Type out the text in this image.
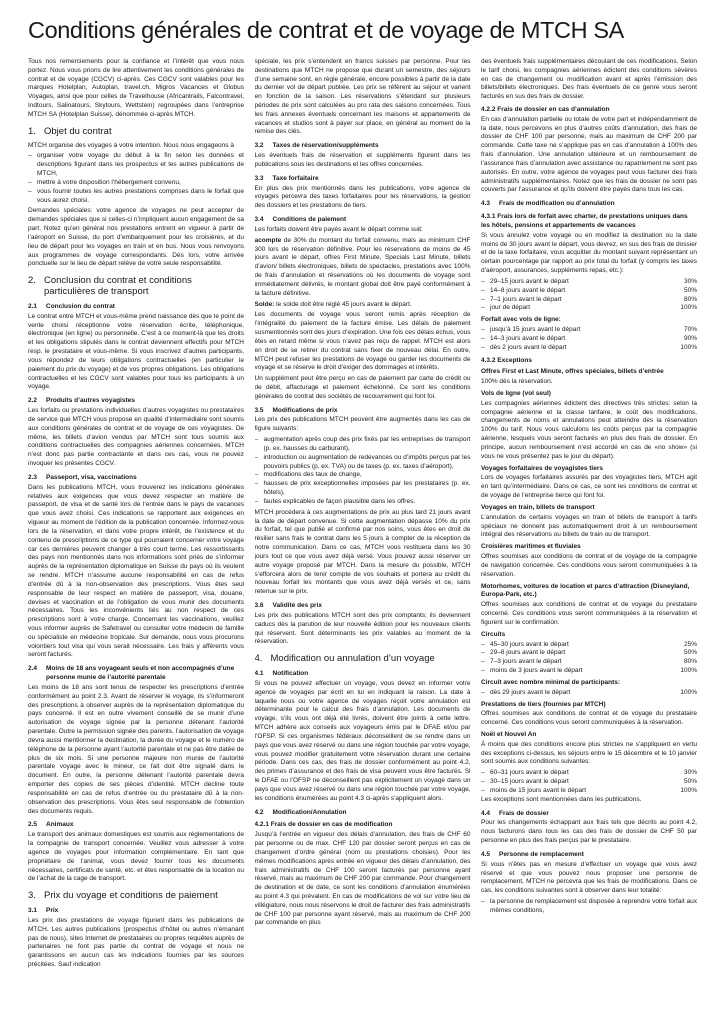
Conditions générales de contrat et de voyage de MTCH SA

Tous nos remerciements pour la confiance et l’intérêt que vous nous portez. Nous vous prions de lire attentivement les conditions générales de contrat et de voyage (CGCV) ci-après. Ces CGCV sont valables pour les marques Hotelplan, Autoplan, travel.ch, Migros Vacances et Globus Voyages, ainsi que pour celles de Travelhouse (Africantrails, Falcontravel, Indtours, Salinatours, Skytours, Wettstein) regroupées dans l’entreprise MTCH SA (Hotelplan Suisse), dénommée ci-après MTCH.

1. Objet du contrat

MTCH organise des voyages à votre intention. Nous nous engageons à

– organiser votre voyage du début à la fin selon les données et descriptions figurant dans les prospectus et les autres publications de MTCH,
– mettre à votre disposition l’hébergement convenu,
– vous fournir toutes les autres prestations comprises dans le forfait que vous aurez choisi.

Demandes spéciales: votre agence de voyages ne peut accepter de demandes spéciales que si celles-ci n’impliquent aucun engagement de sa part. Notez qu’en général nos prestations entrent en vigueur à partir de l’aéroport en Suisse, du port d’embarquement pour les croisières, et du lieu de départ pour les voyages en train et en bus. Nous vous renvoyons aux programmes de voyage correspondants. Dès lors, votre arrivée ponctuelle sur le lieu de départ relève de votre seule responsabilité.

2. Conclusion du contrat et conditions particulières de transport
2.1	Conclusion du contrat

Le contrat entre MTCH et vous-même prend naissance dès que le point de vente choisi réceptionne votre réservation écrite, téléphonique, électronique (en ligne) ou personnelle. C’est à ce moment-là que les droits et les obligations stipulés dans le contrat deviennent effectifs pour MTCH resp. le prestataire et vous-même. Si vous inscrivez d’autres participants, vous répondez de leurs obligations contractuelles (en particulier le paiement du prix du voyage) et de vos propres obligations. Les obligations contractuelles et les CGCV sont valables pour tous les participants à un voyage.

2.2	Produits d’autres voyagistes

Les forfaits ou prestations individuelles d’autres voyagistes ou prestataires de service que MTCH vous propose en qualité d’intermédiaire sont soumis aux conditions générales de contrat et de voyage de ces voyagistes. De même, les billets d’avion vendus par MTCH sont tous soumis aux conditions contractuelles des compagnies aériennes concernées. MTCH n’est donc pas partie contractante et dans ces cas, vous ne pouvez invoquer les présentes CGCV.

2.3	Passeport, visa, vaccinations

Dans les publications MTCH, vous trouverez les indications générales relatives aux exigences que vous devez respecter en matière de passeport, de visa et de santé lors de l’entrée dans le pays de vacances que vous avez choisi. Ces indications se rapportent aux exigences en vigueur au moment de l’édition de la publication concernée. Informez-vous lors de la réservation, et dans votre propre intérêt, de l’existence et du contenu de prescriptions de ce type qui pourraient concerner votre voyage car ces dernières peuvent changer à très court terme. Les ressortissants des pays non mentionnés dans nos informations sont priés de s’informer auprès de la représentation diplomatique en Suisse du pays où ils veulent se rendre. MTCH n’assume aucune responsabilité en cas de refus d’entrée dû à la non-observation des prescriptions. Vous êtes seul responsable de leur respect en matière de passeport, visa, douane, devises et vaccination et de l’obligation de vous munir des documents nécessaires. Tous les inconvénients liés au non respect de ces prescriptions sont à votre charge. Concernant les vaccinations, veuillez vous informer auprès de Safetravel ou consulter votre médecin de famille ou spécialiste en médecine tropicale. Sur demande, nous vous procurons volontiers tout visa qui vous serait nécessaire. Les frais y afférents vous seront facturés.

2.4	Moins de 18 ans voyageant seuls et non accompagnés d’une personne munie de l’autorité parentale

Les moins de 18 ans sont tenus de respecter les prescriptions d’entrée conformément au point 2.3. Avant de réserver le voyage, ils s’informeront des prescriptions à observer auprès de la représentation diplomatique du pays concerné. Il est en outre vivement conseillé de se munir d’une autorisation de voyage signée par la personne détenant l’autorité parentale. Outre la permission signée des parents, l’autorisation de voyage devra aussi mentionner la destination, la durée du voyage et le numéro de téléphone de la personne ayant l’autorité parentale et ne pas être datée de plus de six mois. Si une personne majeure non munie de l’autorité parentale voyage avec le mineur, ce fait doit être signalé dans le document. En outre, la personne détenant l’autorité parentale devra emporter des copies de ses pièces d’identité. MTCH décline toute responsabilité en cas de refus d’entrée ou du prestataire dû à la non-observation des prescriptions. Vous êtes seul responsable de l’obtention des documents requis.

2.5	Animaux

Le transport des animaux domestiques est soumis aux réglementations de la compagnie de transport concernée. Veuillez vous adresser à votre agence de voyages pour information complémentaire. En tant que propriétaire de l’animal, vous devez fournir tous les documents nécessaires, certificats de santé, etc. et êtes responsable de la location ou de l’achat de la cage de transport.

3. Prix du voyage et conditions de paiement
3.1	Prix

Les prix des prestations de voyage figurent dans les publications de MTCH. Les autres publications (prospectus d’hôtel ou autres n’émanant pas de nous), sites Internet de prestataires ou propres requêtes auprès de partenaires ne font pas partie du contrat de voyage et nous ne garantissons en aucun cas les indications fournies par les sources précitées. Sauf indication

spéciale, les prix s’entendent en francs suisses par personne. Pour les destinations que MTCH ne propose que durant un semestre, des séjours d’une semaine sont, en règle générale, encore possibles à partir de la date du dernier vol de départ publiée. Les prix se réfèrent au séjour et varient en fonction de la saison. Les réservations s’étendant sur plusieurs périodes de prix sont calculées au pro rata des saisons concernées. Tous les frais annexes éventuels concernant les maisons et appartements de vacances et studios sont à payer sur place, en général au moment de la remise des clés.

3.2	Taxes de réservation/suppléments

Les éventuels frais de réservation et suppléments figurent dans les publications sous les destinations et les offres concernées.

3.3	Taxe forfaitaire

En plus des prix mentionnés dans les publications, votre agence de voyages percevra des taxes forfaitaires pour les réservations, la gestion des dossiers et les prestations de tiers.

3.4	Conditions de paiement

Les forfaits doivent être payés avant le départ comme suit:

acompte de 30% du montant du forfait convenu, mais au minimum CHF 300 lors de réservation définitive. Pour les réservations de moins de 45 jours avant le départ, offres First Minute, Specials Last Minute, billets d’avion/ billets électroniques, billets de spectacles, prestations avec 100% de frais d’annulation et réservations où les documents de voyage sont immédiatement délivrés, le montant global doit être payé conformément à la facture définitive.

Solde: le solde doit être réglé 45 jours avant le départ.

Les documents de voyage vous seront remis après réception de l’intégralité du paiement de la facture émise. Les délais de paiement susmentionnés sont des jours d’expiration. Une fois ces délais échus, vous êtes en retard même si vous n’avez pas reçu de rappel. MTCH est alors en droit de se retirer du contrat sans fixer de nouveau délai. En outre, MTCH peut refuser les prestations de voyage ou garder les documents de voyage et se réserve le droit d’exiger des dommages et intérêts.

Un supplément peut être perçu en cas de paiement par carte de crédit ou de débit, affacturage et paiement échelonné. Ce sont les conditions générales de contrat des sociétés de recouvrement qui font foi.

3.5	Modifications de prix

Les prix des publications MTCH peuvent être augmentés dans les cas de figure suivants:

– augmentation après coup des prix fixés par les entreprises de transport (p. ex. hausses du carburant),
– introduction ou augmentation de redevances ou d’impôts perçus par les pouvoirs publics (p. ex. TVA) ou de taxes (p. ex. taxes d’aéroport),
– modifications des taux de change,
– hausses de prix exceptionnelles imposées par les prestataires (p. ex. hôtels),
– fautes explicables de façon plausible dans les offres.

MTCH procédera à ces augmentations de prix au plus tard 21 jours avant la date de départ convenue. Si cette augmentation dépasse 10% du prix du forfait, tel que publié et confirmé par nos soins, vous êtes en droit de résilier sans frais le contrat dans les 5 jours à compter de la réception de notre communication. Dans ce cas, MTCH vous restituera dans les 30 jours tout ce que vous avez déjà versé. Vous pouvez aussi réserver un autre voyage proposé par MTCH. Dans la mesure du possible, MTCH s’efforcera alors de tenir compte de vos souhaits et portera au crédit du nouveau forfait les montants que vous avez déjà versés et ce, sans retenue sur le prix.

3.6	Validité des prix

Les prix des publications MTCH sont des prix comptants; ils deviennent caducs dès la parution de leur nouvelle édition pour les nouveaux clients qui réservent. Sont déterminants les prix valables au moment de la réservation.

4. Modification ou annulation d’un voyage
4.1	Notification

Si vous ne pouvez effectuer un voyage, vous devez en informer votre agence de voyages par écrit en lui en indiquant la raison. La date à laquelle nous ou votre agence de voyages reçoit votre annulation est déterminante pour le calcul des frais d’annulation. Les documents de voyage, s’ils vous ont déjà été livrés, doivent être joints à cette lettre. MTCH adhère aux conseils aux voyageurs émis par le DFAE et/ou par l’OFSP. Si ces organismes fédéraux déconseillent de se rendre dans un pays que vous avez réservé ou dans une région touchée par votre voyage, vous pouvez modifier gratuitement votre réservation durant une certaine période. Dans ces cas, des frais de dossier conformément au point 4.2, des primes d’assurance et des frais de visa peuvent vous être facturés. Si le DFAE ou l’OFSP ne déconseillent pas explicitement un voyage dans un pays que vous avez réservé ou dans une région touchée par votre voyage, les conditions énumérées au point 4.3 ci-après s’appliquent alors.

4.2	Modification/Annulation
4.2.1 Frais de dossier en cas de modification

Jusqu’à l’entrée en vigueur des délais d’annulation, des frais de CHF 60 par personne ou de max. CHF 120 par dossier seront perçus en cas de changement d’ordre général (nom ou prestations choisies). Pour les mêmes modifications après entrée en vigueur des délais d’annulation, des frais administratifs de CHF 100 seront facturés par personne ayant réservé, mais au maximum de CHF 200 par commande. Pour changement de destination et de date, ce sont les conditions d’annulation énumérées au point 4.3 qui prévalent. En cas de modifications de vol sur votre lieu de villégiature, nous nous réservons le droit de facturer des frais administratifs de CHF 100 par personne ayant réservé, mais au maximum de CHF 200 par commande en plus

des éventuels frais supplémentaires découlant de ces modifications. Selon le tarif choisi, les compagnies aériennes édictent des conditions sévères en cas de changement ou modification avant et après l’émission des billets/billets électroniques. Des frais éventuels de ce genre vous seront facturés en sus des frais de dossier.

4.2.2 Frais de dossier en cas d’annulation

En cas d’annulation partielle ou totale de votre part et indépendamment de la date, nous percevons en plus d’autres coûts d’annulation, des frais de dossier de CHF 100 par personne, mais au maximum de CHF 200 par commande. Cette taxe ne s’applique pas en cas d’annulation à 100% des frais d’annulation. Une annulation ultérieure et un remboursement de l’assurance frais d’annulation avec assistance ou rapatriement ne sont pas autorisés. En outre, votre agence de voyages peut vous facturer des frais administratifs supplémentaires. Notez que les frais de dossier ne sont pas couverts par l’assurance et qu’ils doivent être payés dans tous les cas.

4.3	Frais de modification ou d’annulation
4.3.1 Frais lors de forfait avec charter, de prestations uniques dans les hôtels, pensions et appartements de vacances

Si vous annulez votre voyage ou en modifiez la destination ou la date moins de 30 jours avant le départ, vous devrez, en sus des frais de dossier et de la taxe forfaitaire, vous acquitter du montant suivant représentant un certain pourcentage par rapport au prix total du forfait (y compris les taxes d’aéroport, assurances, suppléments repas, etc.):

– 29–15 jours avant le départ	30%
– 14–8 jours avant le départ	50%
– 7–1 jours avant le départ	80%
– jour de départ	100%
Forfait avec vols de ligne:
– jusqu’à 15 jours avant le départ	70%
– 14–3 jours avant le départ	90%
– dès 2 jours avant le départ	100%
4.3.2 Exceptions
Offres First et Last Minute, offres spéciales, billets d’entrée

100% dès la réservation.

Vols de ligne (vol seul)

Les compagnies aériennes édictent des directives très strictes: selon la compagnie aérienne et la classe tarifaire, le coût des modifications, changements de noms et annulations peut atteindre dès la réservation 100% du tarif. Nous vous calculons les coûts perçus par la compagnie aérienne, lesquels vous seront facturés en plus des frais de dossier. En principe, aucun remboursement n’est accordé en cas de «no show» (si vous ne vous présentez pas le jour du départ).

Voyages forfaitaires de voyagistes tiers

Lors de voyages forfaitaires assurés par des voyagistes tiers, MTCH agit en tant qu’intermédiaire. Dans ce cas, ce sont les conditions de contrat et de voyage de l’entreprise tierce qui font foi.

Voyages en train, billets de transport

L’annulation de certains voyages en train et billets de transport à tarifs spéciaux ne donnent pas automatiquement droit à un remboursement intégral des réservations ou billets de train ou de transport.

Croisières maritimes et fluviales

Offres soumises aux conditions de contrat et de voyage de la compagnie de navigation concernée. Ces conditions vous seront communiquées à la réservation.

Motorhomes, voitures de location et parcs d’attraction (Disneyland, Europa-Park, etc.)

Offres soumises aux conditions de contrat et de voyage du prestataire concerné. Ces conditions vous seront communiquées à la réservation et figurent sur le confirmation.

Circuits
– 45–30 jours avant le départ	25%
– 29–8 jours avant le départ	50%
– 7–3 jours avant le départ	80%
– moins de 3 jours avant le départ	100%
Circuit avec nombre minimal de participants:
– dès 29 jours avant le départ	100%
Prestations de tiers (fournies par MTCH)

Offres soumises aux conditions de contrat et de voyage du prestataire concerné. Ces conditions vous seront communiquées à la réservation.

Noël et Nouvel An

À moins que des conditions encore plus strictes ne s’appliquent en vertu des exceptions ci-dessus, les séjours entre le 15 décembre et le 10 janvier sont soumis aux conditions suivantes:

– 60–31 jours avant le départ	30%
– 30–15 jours avant le départ	50%
– moins de 15 jours avant le départ	100%

Les exceptions sont mentionnées dans les publications.

4.4	Frais de dossier

Pour les changements échappant aux frais tels que décrits au point 4.2, nous facturons dans tous les cas des frais de dossier de CHF 50 par personne en plus des frais perçus par le prestataire.

4.5	Personne de remplacement

Si vous n’êtes pas en mesure d’effectuer un voyage que vous avez réservé et que vous pouvez nous proposer une personne de remplacement, MTCH ne percevra que les frais de modifications. Dans ce cas, les conditions suivantes sont à observer dans leur totalité:

– la personne de remplacement est disposée à reprendre votre forfait aux mêmes conditions,
